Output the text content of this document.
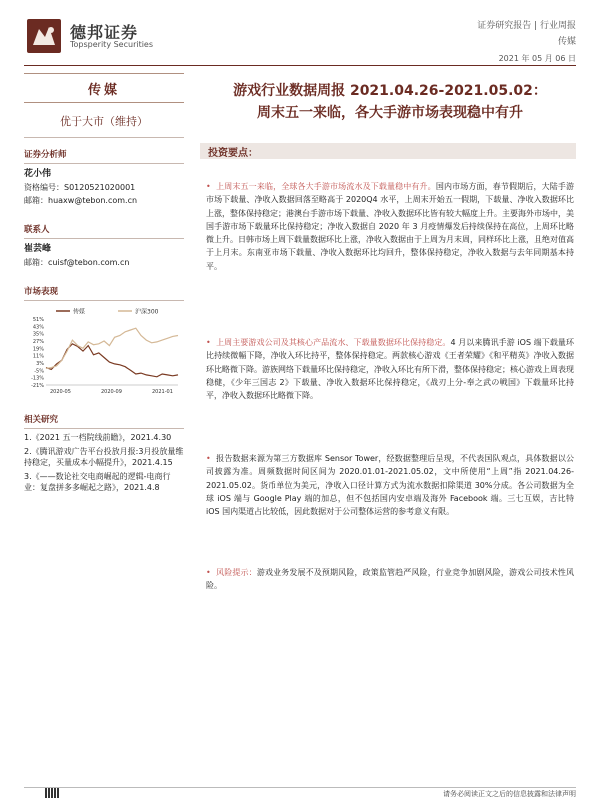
德邦证券
Topsperity Securities
证券研究报告 | 行业周报
传媒
2021 年 05 月 06 日
传媒
优于大市（维持）
证券分析师
花小伟
资格编号：S0120521020001
邮箱：huaxw@tebon.com.cn
联系人
崔芸峰
邮箱：cuisf@tebon.com.cn
市场表现
传媒	沪深300
51%
43%
35%
27%
19%
11%
3%
-5%
-13%
-21%
2020-05	2020-09	2021-01
相关研究
1.《2021 五一档院线前瞻》，2021.4.30
2.《腾讯游戏广告平台投放月报:3月投放量维持稳定，买量成本小幅提升》，2021.4.15
3.《——数论社交电商崛起的逻辑-电商行业：复盘拼多多崛起之路》，2021.4.8
游戏行业数据周报 2021.04.26-2021.05.02：
周末五一来临，各大手游市场表现稳中有升
投资要点：
• 上周末五一来临，全球各大手游市场流水及下载量稳中有升。国内市场方面，春节假期后，大陆手游市场下载量、净收入数据回落至略高于 2020Q4 水平，上周末开始五一假期，下载量、净收入数据环比上涨，整体保持稳定；港澳台手游市场下载量、净收入数据环比皆有较大幅度上升。主要海外市场中，美国手游市场下载量环比保持稳定；净收入数据自 2020 年 3 月疫情爆发后持续保持在高位，上周环比略微上升。日韩市场上周下载量数据环比上涨，净收入数据由于上周为月末周，同样环比上涨，且绝对值高于上月末。东南亚市场下载量、净收入数据环比均回升，整体保持稳定，净收入数据与去年同期基本持平。
• 上周主要游戏公司及其核心产品流水、下载量数据环比保持稳定。4 月以来腾讯手游 iOS 端下载量环比持续微幅下降，净收入环比持平，整体保持稳定。两款核心游戏《王者荣耀》《和平精英》净收入数据环比略微下降。游族网络下载量环比保持稳定，净收入环比有所下滑，整体保持稳定；核心游戏上周表现稳健，《少年三国志 2》下载量、净收入数据环比保持稳定，《战刃上分-奉之武の戦国》下载量环比持平，净收入数据环比略微下降。
• 报告数据来源为第三方数据库 Sensor Tower，经数据整理后呈现，不代表国队观点，具体数据以公司披露为准。周频数据时间区间为 2020.01.01-2021.05.02，文中所使用“上周”指 2021.04.26-2021.05.02。货币单位为美元，净收入口径计算方式为流水数据扣除渠道 30%分成。各公司数据为全球 iOS 端与 Google Play 端的加总，但不包括国内安卓端及海外 Facebook 端。三七互娱，吉比特 iOS 国内渠道占比较低，因此数据对于公司整体运营的参考意义有限。
• 风险提示：游戏业务发展不及预期风险，政策监管趋严风险，行业竞争加剧风险，游戏公司技术性风险。
请务必阅读正文之后的信息披露和法律声明
